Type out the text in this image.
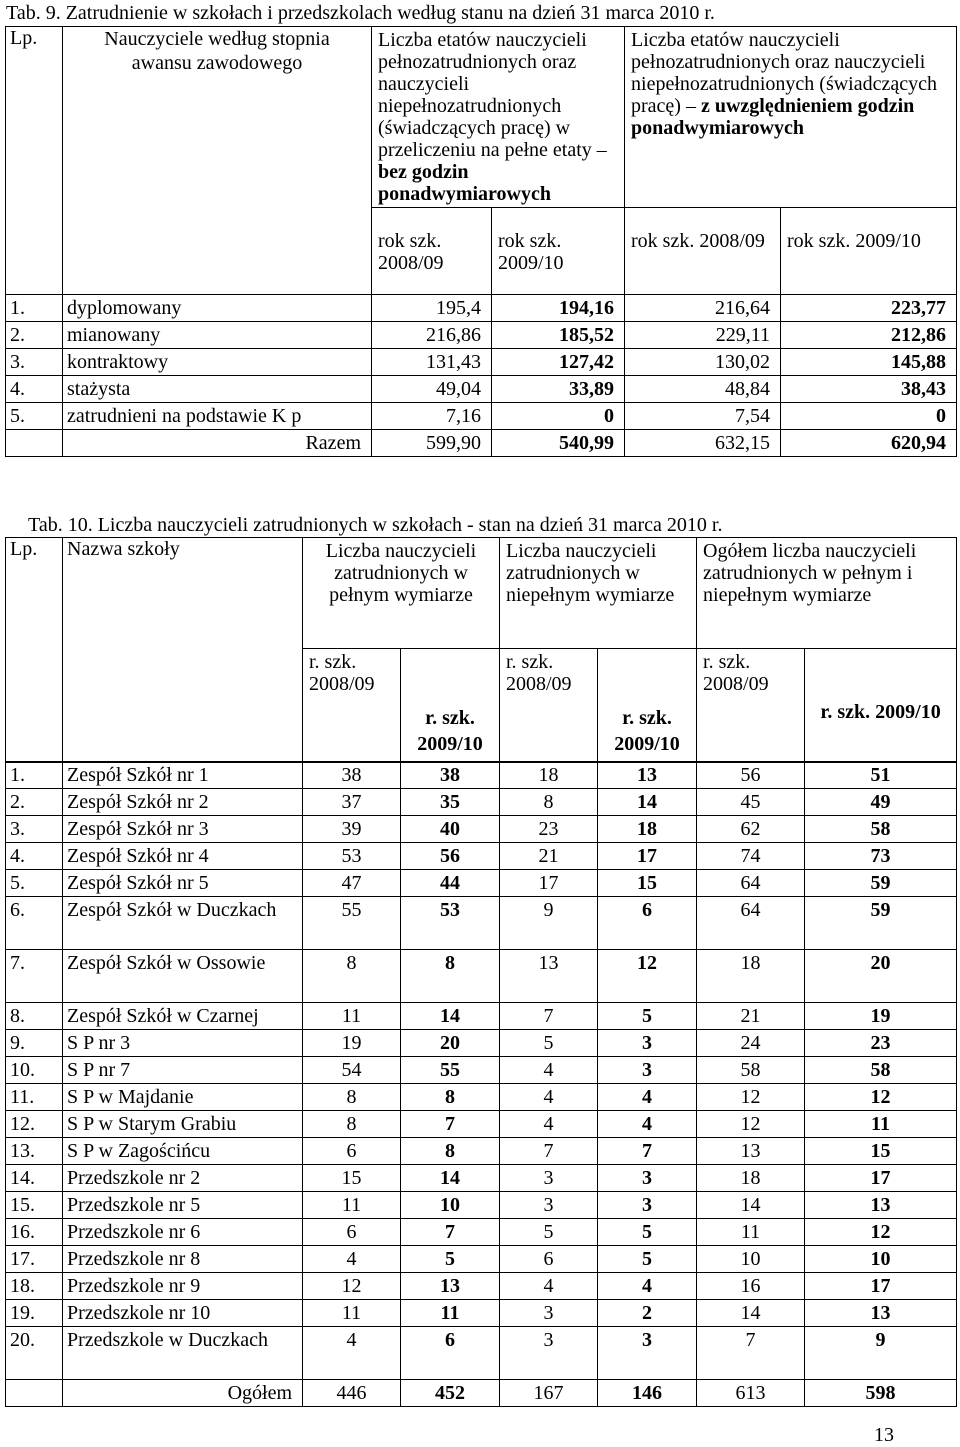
Tab. 9. Zatrudnienie w szkołach i przedszkolach według stanu na dzień 31 marca 2010 r.
Lp.	Nauczyciele według stopnia awansu zawodowego	Liczba etatów nauczycieli pełnozatrudnionych oraz nauczycieli niepełnozatrudnionych (świadczących pracę) w przeliczeniu na pełne etaty – bez godzin ponadwymiarowych		Liczba etatów nauczycieli pełnozatrudnionych oraz nauczycieli niepełnozatrudnionych (świadczących pracę) – z uwzględnieniem godzin ponadwymiarowych	
		rok szk. 2008/09	rok szk. 2009/10	rok szk. 2008/09	rok szk. 2009/10
1.	dyplomowany	195,4	194,16	216,64	223,77
2.	mianowany	216,86	185,52	229,11	212,86
3.	kontraktowy	131,43	127,42	130,02	145,88
4.	stażysta	49,04	33,89	48,84	38,43
5.	zatrudnieni na podstawie K p	7,16	0	7,54	0
	Razem	599,90	540,99	632,15	620,94
Tab. 10. Liczba nauczycieli zatrudnionych w szkołach - stan na dzień 31 marca 2010 r.
Lp.	Nazwa szkoły	Liczba nauczycieli zatrudnionych w pełnym wymiarze		Liczba nauczycieli zatrudnionych w niepełnym wymiarze		Ogółem liczba nauczycieli zatrudnionych w pełnym i niepełnym wymiarze	
		r. szk. 2008/09	r. szk. 2009/10	r. szk. 2008/09	r. szk. 2009/10	r. szk. 2008/09	r. szk. 2009/10
1.	Zespół Szkół nr 1	38	38	18	13	56	51
2.	Zespół Szkół nr 2	37	35	8	14	45	49
3.	Zespół Szkół nr 3	39	40	23	18	62	58
4.	Zespół Szkół nr 4	53	56	21	17	74	73
5.	Zespół Szkół nr 5	47	44	17	15	64	59
6.	Zespół Szkół w Duczkach	55	53	9	6	64	59
7.	Zespół Szkół w Ossowie	8	8	13	12	18	20
8.	Zespół Szkół w Czarnej	11	14	7	5	21	19
9.	S P nr 3	19	20	5	3	24	23
10.	S P nr 7	54	55	4	3	58	58
11.	S P w Majdanie	8	8	4	4	12	12
12.	S P w Starym Grabiu	8	7	4	4	12	11
13.	S P w Zagościńcu	6	8	7	7	13	15
14.	Przedszkole nr 2	15	14	3	3	18	17
15.	Przedszkole nr 5	11	10	3	3	14	13
16.	Przedszkole nr 6	6	7	5	5	11	12
17.	Przedszkole nr 8	4	5	6	5	10	10
18.	Przedszkole nr 9	12	13	4	4	16	17
19.	Przedszkole nr 10	11	11	3	2	14	13
20.	Przedszkole w Duczkach	4	6	3	3	7	9
	Ogółem	446	452	167	146	613	598
13
